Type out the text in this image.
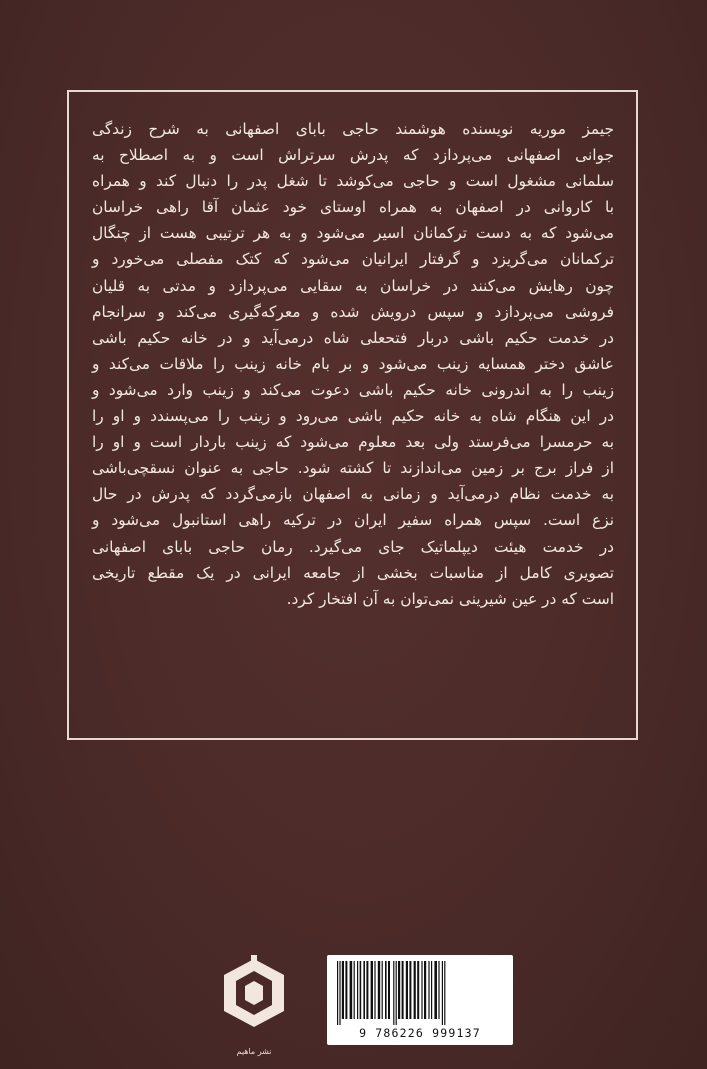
جیمز موریه نویسنده هوشمند حاجی بابای اصفهانی به شرح زندگی
جوانی اصفهانی می‌پردازد که پدرش سرتراش است و به اصطلاح به
سلمانی مشغول است و حاجی می‌کوشد تا شغل پدر را دنبال کند و همراه
با کاروانی در اصفهان به همراه اوستای خود عثمان آقا راهی خراسان
می‌شود که به دست ترکمانان اسیر می‌شود و به هر ترتیبی هست از چنگال
ترکمانان می‌گریزد و گرفتار ایرانیان می‌شود که کتک مفصلی می‌خورد و
چون رهایش می‌کنند در خراسان به سقایی می‌پردازد و مدتی به قلیان
فروشی می‌پردازد و سپس درویش شده و معرکه‌گیری می‌کند و سرانجام
در خدمت حکیم باشی دربار فتحعلی شاه درمی‌آید و در خانه حکیم باشی
عاشق دختر همسایه زینب می‌شود و بر بام خانه زینب را ملاقات می‌کند و
زینب را به اندرونی خانه حکیم باشی دعوت می‌کند و زینب وارد می‌شود و
در این هنگام شاه به خانه حکیم باشی می‌رود و زینب را می‌پسندد و او را
به حرمسرا می‌فرستد ولی بعد معلوم می‌شود که زینب باردار است و او را
از فراز برج بر زمین می‌اندازند تا کشته شود. حاجی به عنوان نسقچی‌باشی
به خدمت نظام درمی‌آید و زمانی به اصفهان بازمی‌گردد که پدرش در حال
نزع است. سپس همراه سفیر ایران در ترکیه راهی استانبول می‌شود و
در خدمت هیئت دیپلماتیک جای می‌گیرد. رمان حاجی بابای اصفهانی
تصویری کامل از مناسبات بخشی از جامعه ایرانی در یک مقطع تاریخی
است که در عین شیرینی نمی‌توان به آن افتخار کرد.

نشر ماهیم
9 786226 999137
